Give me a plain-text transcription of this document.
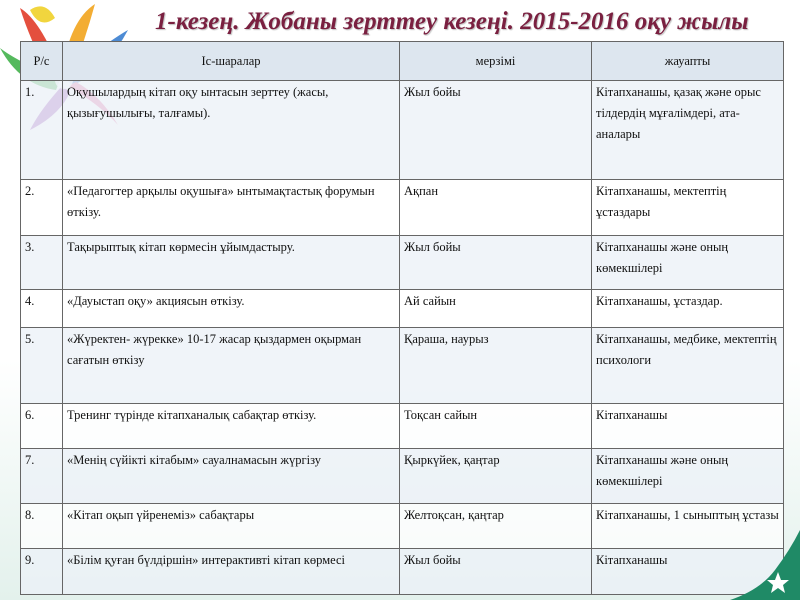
1-кезең. Жобаны зерттеу кезеңі. 2015-2016 оқу жылы
Р/с	Іс-шаралар	мерзімі	жауапты
1.	Оқушылардың кітап оқу ынтасын зерттеу (жасы, қызығушылығы, талғамы).	Жыл бойы	Кітапханашы, қазақ және орыс тілдердің мұғалімдері, ата-аналары
2.	«Педагогтер арқылы оқушыға» ынтымақтастық форумын өткізу.	Ақпан	Кітапханашы, мектептің ұстаздары
3.	Тақырыптық кітап көрмесін ұйымдастыру.	Жыл бойы	Кітапханашы және оның көмекшілері
4.	«Дауыстап оқу» акциясын өткізу.	Ай сайын	Кітапханашы, ұстаздар.
5.	«Жүректен- жүрекке» 10-17 жасар қыздармен оқырман сағатын өткізу	Қараша, наурыз	Кітапханашы, медбике, мектептің психологи
6.	Тренинг түрінде кітапханалық сабақтар өткізу.	Тоқсан сайын	Кітапханашы
7.	«Менің сүйікті кітабым» сауалнамасын жүргізу	Қыркүйек, қаңтар	Кітапханашы және оның көмекшілері
8.	«Кітап оқып үйренеміз» сабақтары	Желтоқсан, қаңтар	Кітапханашы, 1 сыныптың ұстазы
9.	«Білім қуған бүлдіршін» интерактивті кітап көрмесі	Жыл бойы	Кітапханашы
